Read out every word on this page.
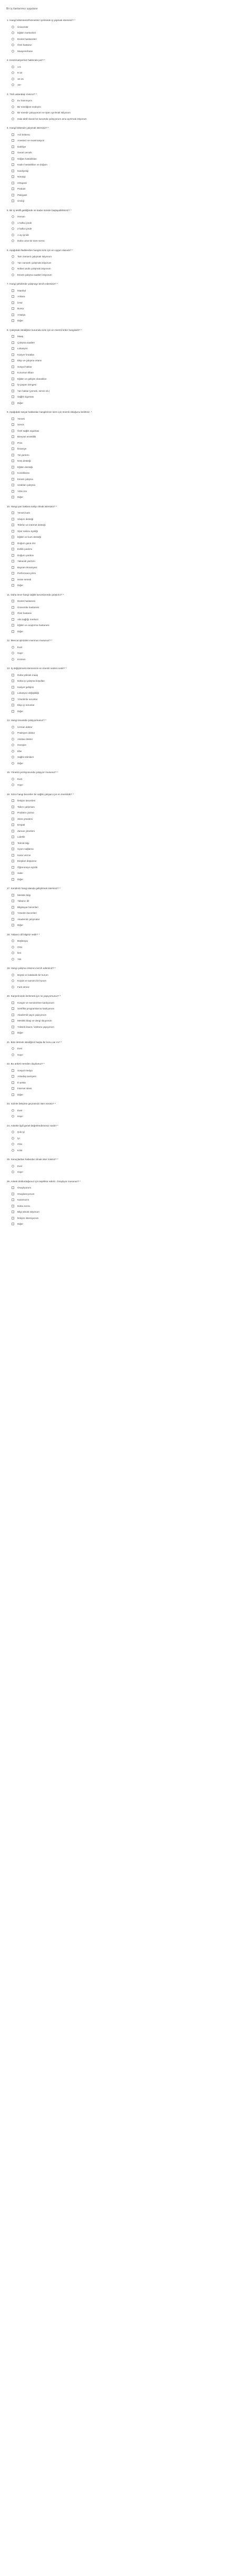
Bir iş ilanlarımız uygulanır
1. Hangi bölümünüz/hizmetiniz içerisinde iş yapmak istersiniz? *
Üniversite
Eğitim merkezleri
Devlet hastaneleri
Özel hastane
Muayenehane
2. Kendi kariyeriniz hakkında yaz? *
1-5
6-10
10-15
15+
3. Türk vatandaşı mısınız? *
Ev hanımıyım
Bir süreliğine evdeyim
Bir süredir çalışıyorum ve işten ayrılmak istiyorum
Hala aktif olarak bir kurumda çalışıyorum ama ayrılmak istiyorum
4. Hangi bölümde çalışmak istersiniz? *
Acil bölümü
Anestezi ve reanimasyon
Dahiliye
Genel cerrahi
Göğüs hastalıkları
Kadın hastalıkları ve doğum
Kardiyoloji
Nöroloji
Ortopedi
Pediatri
Psikiyatri
Üroloji
5. Bir iş teklifi geldiğinde ne kadar sürede başlayabilirsiniz? *
Hemen
1 hafta içinde
2 hafta içinde
1 ay içinde
Daha uzun bir süre sonra
6. Aşağıdaki ifadelerden hangisi sizin için en uygun olanıdır? *
Tam zamanlı çalışmak istiyorum
Yarı zamanlı çalışmak istiyorum
Nöbet usulü çalışmak istiyorum
Esnek çalışma saatleri istiyorum
7. Hangi şehirlerde çalışmayı tercih edersiniz? *
İstanbul
Ankara
İzmir
Bursa
Antalya
Diğer
8. Çalışmak istediğiniz kurumda sizin için en önemli kriter hangisidir? *
Maaş
Çalışma saatleri
Lokasyon
Kariyer fırsatları
Ekip ve çalışma ortamı
Sosyal haklar
Kurumun itibarı
Eğitim ve gelişim olanakları
İş-yaşam dengesi
Yan haklar (yemek, servis vb.)
Sağlık sigortası
Diğer
9. Aşağıdaki sosyal haklardan hangilerinin sizin için önemli olduğunu belirtiniz. *
Yemek
Servis
Özel sağlık sigortası
Bireysel emeklilik
Prim
İkramiye
Yol yardımı
Kreş desteği
Eğitim desteği
Konaklama
Esnek çalışma
Uzaktan çalışma
Yıllık izin
Diğer
10. Hangi yan haklara sahip olmak istersiniz? *
Yemek kartı
Ulaşım desteği
Telefon ve internet desteği
Spor salonu üyeliği
Eğitim ve kurs desteği
Doğum günü izni
Evlilik yardımı
Doğum yardımı
Yakacak yardımı
Bayram ikramiyesi
Performans primi
Hisse senedi
Diğer
11. Daha önce hangi sağlık kurumlarında çalıştınız? *
Devlet hastanesi
Üniversite hastanesi
Özel hastane
Aile sağlığı merkezi
Eğitim ve araştırma hastanesi
Diğer
12. Mevcut işinizden memnun musunuz? *
Evet
Hayır
Kısmen
13. İş değiştirmek istemenizin en önemli nedeni nedir? *
Daha yüksek maaş
Daha iyi çalışma koşulları
Kariyer gelişimi
Lokasyon değişikliği
Yönetimle sorunlar
Ekip içi sorunlar
Diğer
14. Hangi ünvanda çalışıyorsunuz? *
Uzman doktor
Pratisyen doktor
Asistan doktor
Hemşire
Ebe
Sağlık teknikeri
Diğer
15. Yönetici pozisyonunda çalışıyor musunuz? *
Evet
Hayır
16. Sizce hangi beceriler bir sağlık çalışanı için en önemlidir? *
İletişim becerileri
Takım çalışması
Problem çözme
Stres yönetimi
Empati
Zaman yönetimi
Liderlik
Teknik bilgi
Uyum sağlama
Karar verme
Eleştirel düşünme
Öğrenmeye açıklık
Sabır
Diğer
17. Kendinizi hangi alanda geliştirmek istersiniz? *
Mesleki bilgi
Yabancı dil
Bilgisayar becerileri
Yönetim becerileri
Akademik çalışmalar
Diğer
18. Yabancı dil bilginiz nedir? *
Başlangıç
Orta
İleri
Yok
19. Hangi çalışma ortamını tercih edersiniz? *
Büyük ve kalabalık bir kurum
Küçük ve samimi bir kurum
Fark etmez
20. Kariyerinizde ilerlemek için ne yapıyorsunuz? *
Kongre ve seminerlere katılıyorum
Sertifika programlarına katılıyorum
Akademik yayın yapıyorum
Mesleki kitap ve dergi okuyorum
Yüksek lisans / doktora yapıyorum
Diğer
21. Bize iletmek istediğiniz başka bir konu var mı? *
Evet
Hayır
22. Bu anketi nereden duydunuz? *
Sosyal medya
Arkadaş tavsiyesi
E-posta
İnternet sitesi
Diğer
23. Sizinle iletişime geçmemizi ister misiniz? *
Evet
Hayır
24. Anketle ilgili genel değerlendirmeniz nedir? *
Çok iyi
İyi
Orta
Kötü
25. Sonuçlardan haberdar olmak ister misiniz? *
Evet
Hayır
26. Anketi doldurduğunuz için teşekkür ederiz. Onaylıyor musunuz? *
Onaylıyorum
Onaylamıyorum
Kararsızım
Daha sonra
Bilgi almak istiyorum
İletişim istemiyorum
Diğer
